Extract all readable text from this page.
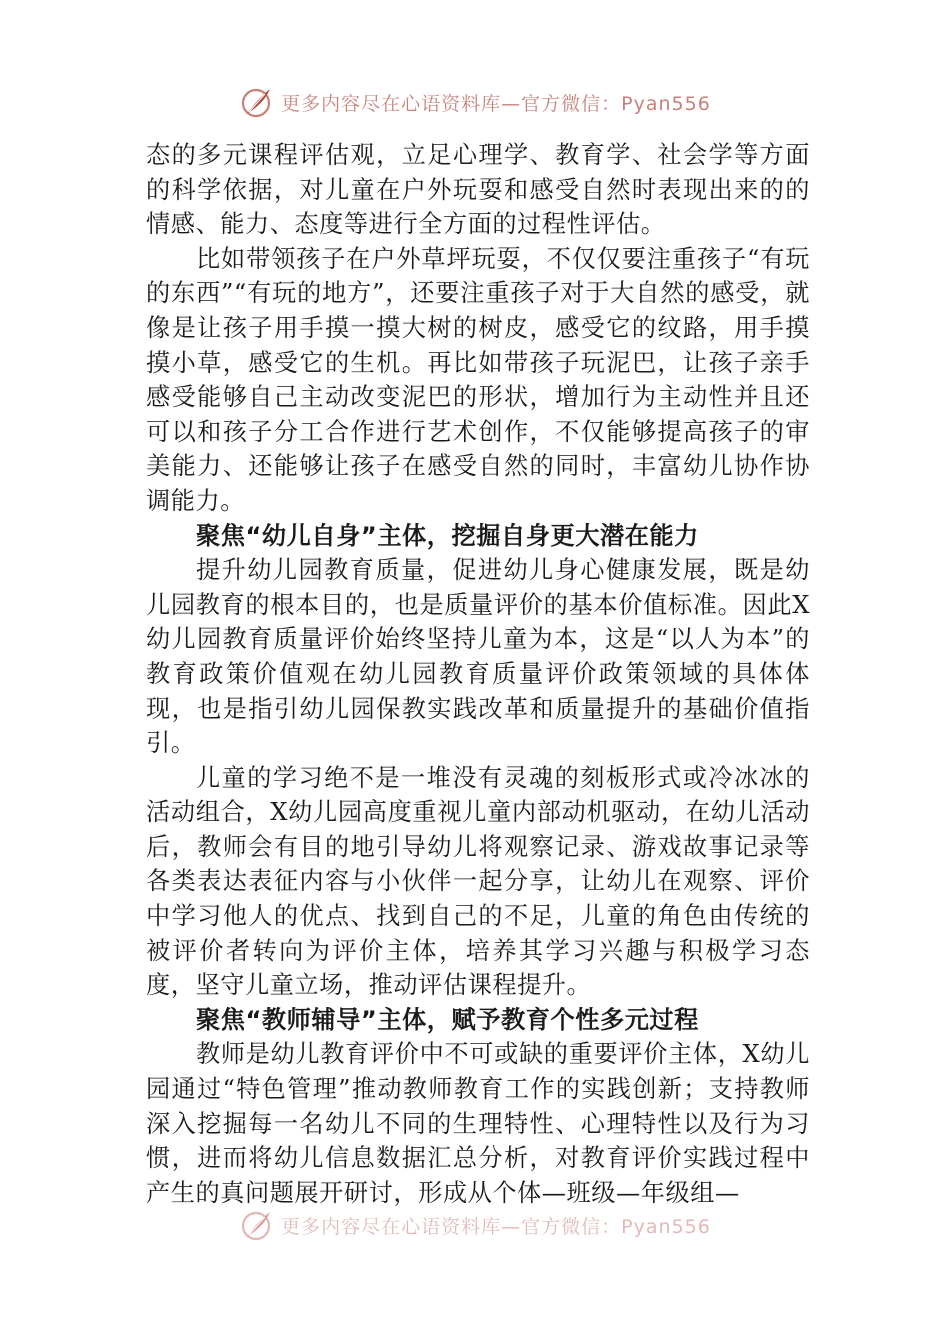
更多内容尽在心语资料库—官方微信：Pyan556

态的多元课程评估观，立足心理学、教育学、社会学等方面的科学依据，对儿童在户外玩耍和感受自然时表现出来的的情感、能力、态度等进行全方面的过程性评估。

比如带领孩子在户外草坪玩耍，不仅仅要注重孩子“有玩的东西”“有玩的地方”，还要注重孩子对于大自然的感受，就像是让孩子用手摸一摸大树的树皮，感受它的纹路，用手摸摸小草，感受它的生机。再比如带孩子玩泥巴，让孩子亲手感受能够自己主动改变泥巴的形状，增加行为主动性并且还可以和孩子分工合作进行艺术创作，不仅能够提高孩子的审美能力、还能够让孩子在感受自然的同时，丰富幼儿协作协调能力。

聚焦“幼儿自身”主体，挖掘自身更大潜在能力

提升幼儿园教育质量，促进幼儿身心健康发展，既是幼儿园教育的根本目的，也是质量评价的基本价值标准。因此X幼儿园教育质量评价始终坚持儿童为本，这是“以人为本”的教育政策价值观在幼儿园教育质量评价政策领域的具体体现，也是指引幼儿园保教实践改革和质量提升的基础价值指引。

儿童的学习绝不是一堆没有灵魂的刻板形式或冷冰冰的活动组合，X幼儿园高度重视儿童内部动机驱动，在幼儿活动后，教师会有目的地引导幼儿将观察记录、游戏故事记录等各类表达表征内容与小伙伴一起分享，让幼儿在观察、评价中学习他人的优点、找到自己的不足，儿童的角色由传统的被评价者转向为评价主体，培养其学习兴趣与积极学习态度，坚守儿童立场，推动评估课程提升。

聚焦“教师辅导”主体，赋予教育个性多元过程

教师是幼儿教育评价中不可或缺的重要评价主体，X幼儿园通过“特色管理”推动教师教育工作的实践创新；支持教师深入挖掘每一名幼儿不同的生理特性、心理特性以及行为习惯，进而将幼儿信息数据汇总分析，对教育评价实践过程中产生的真问题展开研讨，形成从个体—班级—年级组—

更多内容尽在心语资料库—官方微信：Pyan556
